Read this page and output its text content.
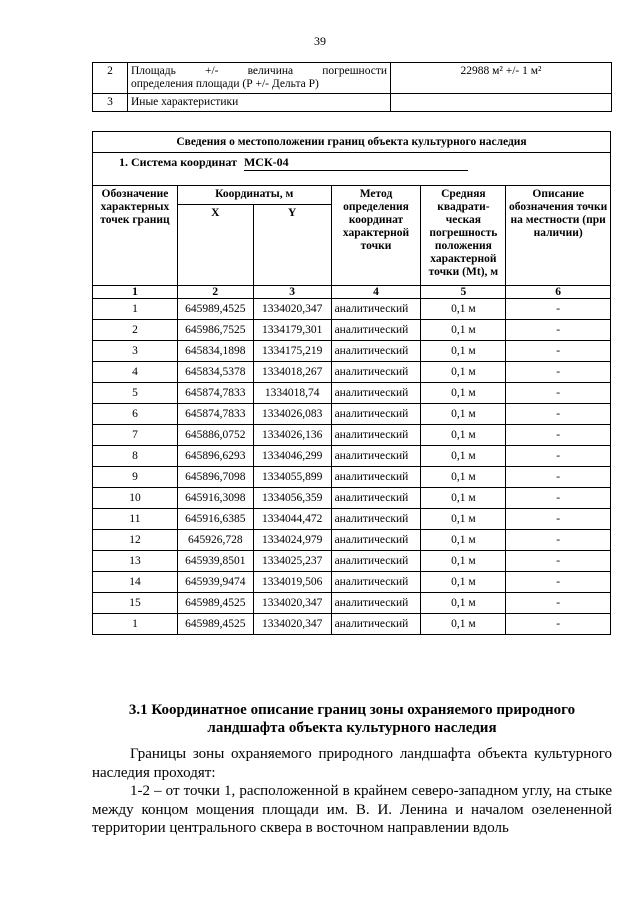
39
2	Площадь +/- величина погрешности
определения площади (Р +/- Дельта Р)	22988 м² +/- 1 м²
3	Иные характеристики	
Сведения о местоположении границ объекта культурного наследия					
1. Система координат МСК-04					
Обозначение характерных точек границ	Координаты, м		Метод определения координат характерной точки	Средняя квадрати-ческая погрешность положения характерной точки (Mt), м	Описание обозначения точки на местности (при наличии)
	X	Y			
1	2	3	4	5	6
1	645989,4525	1334020,347	аналитический	0,1 м	-
2	645986,7525	1334179,301	аналитический	0,1 м	-
3	645834,1898	1334175,219	аналитический	0,1 м	-
4	645834,5378	1334018,267	аналитический	0,1 м	-
5	645874,7833	1334018,74	аналитический	0,1 м	-
6	645874,7833	1334026,083	аналитический	0,1 м	-
7	645886,0752	1334026,136	аналитический	0,1 м	-
8	645896,6293	1334046,299	аналитический	0,1 м	-
9	645896,7098	1334055,899	аналитический	0,1 м	-
10	645916,3098	1334056,359	аналитический	0,1 м	-
11	645916,6385	1334044,472	аналитический	0,1 м	-
12	645926,728	1334024,979	аналитический	0,1 м	-
13	645939,8501	1334025,237	аналитический	0,1 м	-
14	645939,9474	1334019,506	аналитический	0,1 м	-
15	645989,4525	1334020,347	аналитический	0,1 м	-
1	645989,4525	1334020,347	аналитический	0,1 м	-
3.1 Координатное описание границ зоны охраняемого природного
ландшафта объекта культурного наследия

Границы зоны охраняемого природного ландшафта объекта культурного наследия проходят:

1-2 – от точки 1, расположенной в крайнем северо-западном углу, на стыке между концом мощения площади им. В. И. Ленина и началом озелененной территории центрального сквера в восточном направлении вдоль
